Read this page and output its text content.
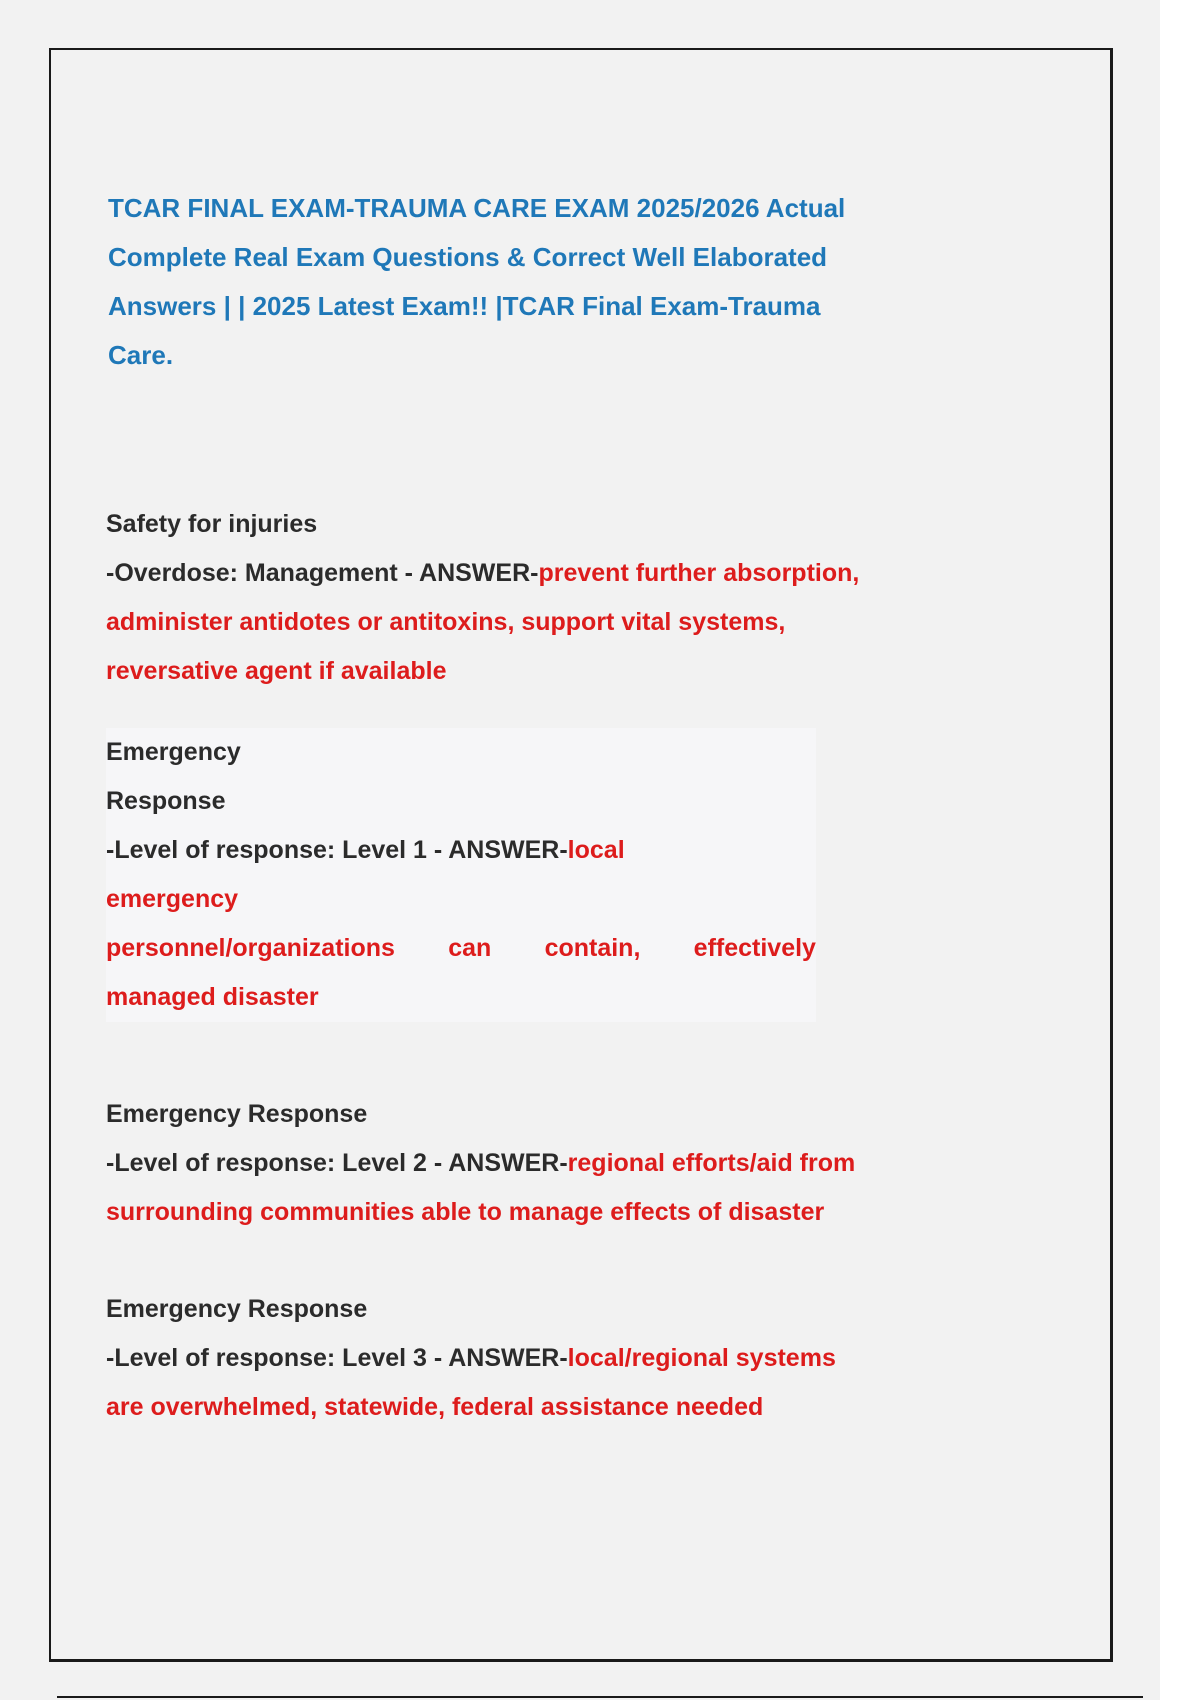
TCAR FINAL EXAM-TRAUMA CARE EXAM 2025/2026 Actual
Complete Real Exam Questions & Correct Well Elaborated
Answers | | 2025 Latest Exam!! |TCAR Final Exam-Trauma
Care.
Safety for injuries
-Overdose: Management - ANSWER-prevent further absorption,
administer antidotes or antitoxins, support vital systems,
reversative agent if available
Emergency
Response
-Level of response: Level 1 - ANSWER-local
emergency
personnel/organizations can contain, effectively
managed disaster
Emergency Response
-Level of response: Level 2 - ANSWER-regional efforts/aid from
surrounding communities able to manage effects of disaster
Emergency Response
-Level of response: Level 3 - ANSWER-local/regional systems
are overwhelmed, statewide, federal assistance needed
